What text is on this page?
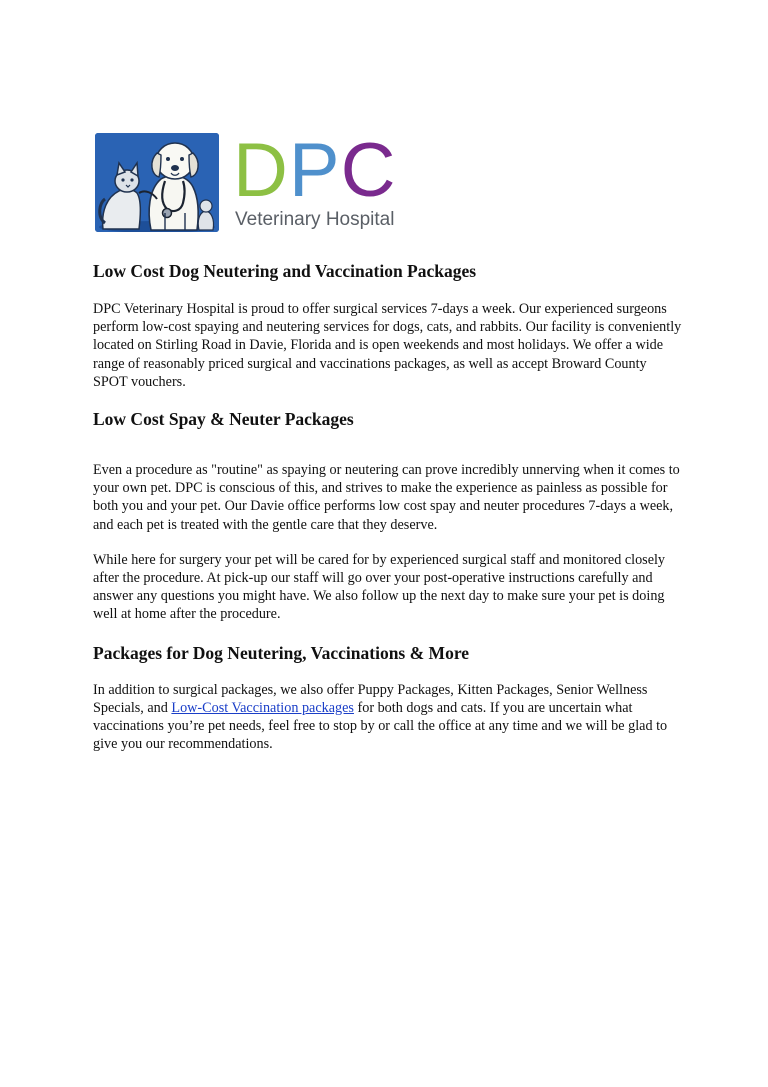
DPC
Veterinary Hospital
Low Cost Dog Neutering and Vaccination Packages

DPC Veterinary Hospital is proud to offer surgical services 7-days a week. Our experienced surgeons perform low-cost spaying and neutering services for dogs, cats, and rabbits. Our facility is conveniently located on Stirling Road in Davie, Florida and is open weekends and most holidays. We offer a wide range of reasonably priced surgical and vaccinations packages, as well as accept Broward County SPOT vouchers.

Low Cost Spay & Neuter Packages

Even a procedure as "routine" as spaying or neutering can prove incredibly unnerving when it comes to your own pet. DPC is conscious of this, and strives to make the experience as painless as possible for both you and your pet. Our Davie office performs low cost spay and neuter procedures 7-days a week, and each pet is treated with the gentle care that they deserve.

While here for surgery your pet will be cared for by experienced surgical staff and monitored closely after the procedure. At pick-up our staff will go over your post-operative instructions carefully and answer any questions you might have. We also follow up the next day to make sure your pet is doing well at home after the procedure.

Packages for Dog Neutering, Vaccinations & More

In addition to surgical packages, we also offer Puppy Packages, Kitten Packages, Senior Wellness Specials, and Low-Cost Vaccination packages for both dogs and cats. If you are uncertain what vaccinations you’re pet needs, feel free to stop by or call the office at any time and we will be glad to give you our recommendations.
